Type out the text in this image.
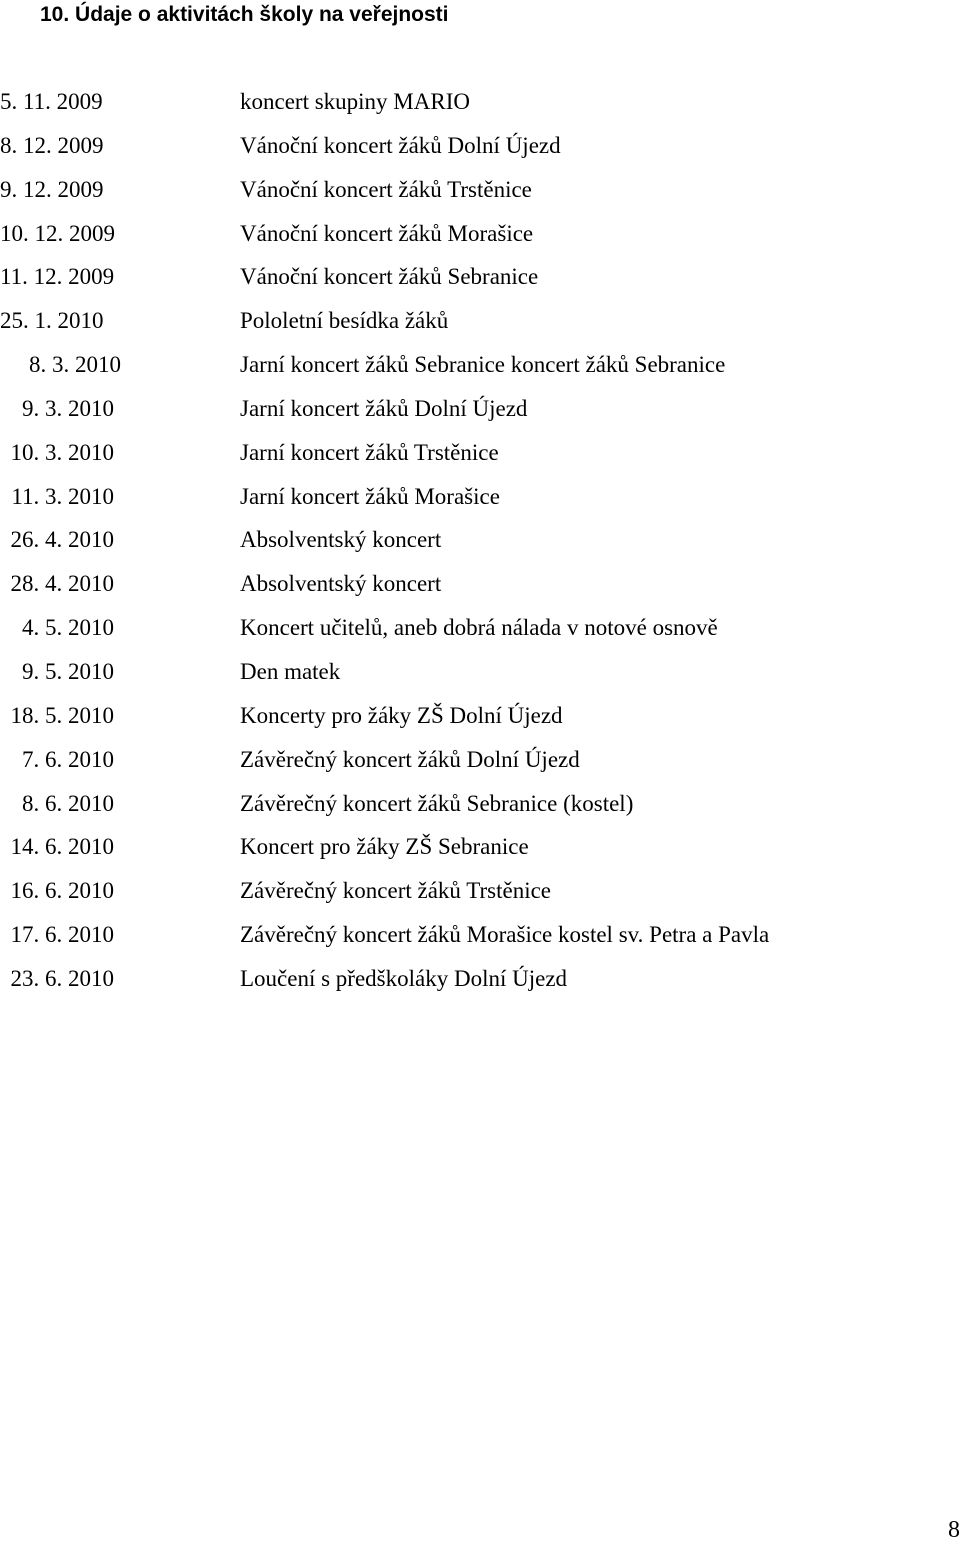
10. Údaje o aktivitách školy na veřejnosti
5. 11. 2009	koncert skupiny MARIO
8. 12. 2009	Vánoční koncert žáků Dolní Újezd
9. 12. 2009	Vánoční koncert žáků Trstěnice
10. 12. 2009	Vánoční koncert žáků Morašice
11. 12. 2009	Vánoční koncert žáků Sebranice
25. 1. 2010	Pololetní besídka žáků
8. 3. 2010	Jarní koncert žáků Sebranice koncert žáků Sebranice
9. 3. 2010	Jarní koncert žáků Dolní Újezd
10. 3. 2010	Jarní koncert žáků Trstěnice
11. 3. 2010	Jarní koncert žáků Morašice
26. 4. 2010	Absolventský koncert
28. 4. 2010	Absolventský koncert
4. 5. 2010	Koncert učitelů, aneb dobrá nálada v notové osnově
9. 5. 2010	Den matek
18. 5. 2010	Koncerty pro žáky ZŠ Dolní Újezd
7. 6. 2010	Závěrečný koncert žáků Dolní Újezd
8. 6. 2010	Závěrečný koncert žáků Sebranice (kostel)
14. 6. 2010	Koncert pro žáky ZŠ Sebranice
16. 6. 2010	Závěrečný koncert žáků Trstěnice
17. 6. 2010	Závěrečný koncert žáků Morašice kostel sv. Petra a Pavla
23. 6. 2010	Loučení s předškoláky Dolní Újezd
8
